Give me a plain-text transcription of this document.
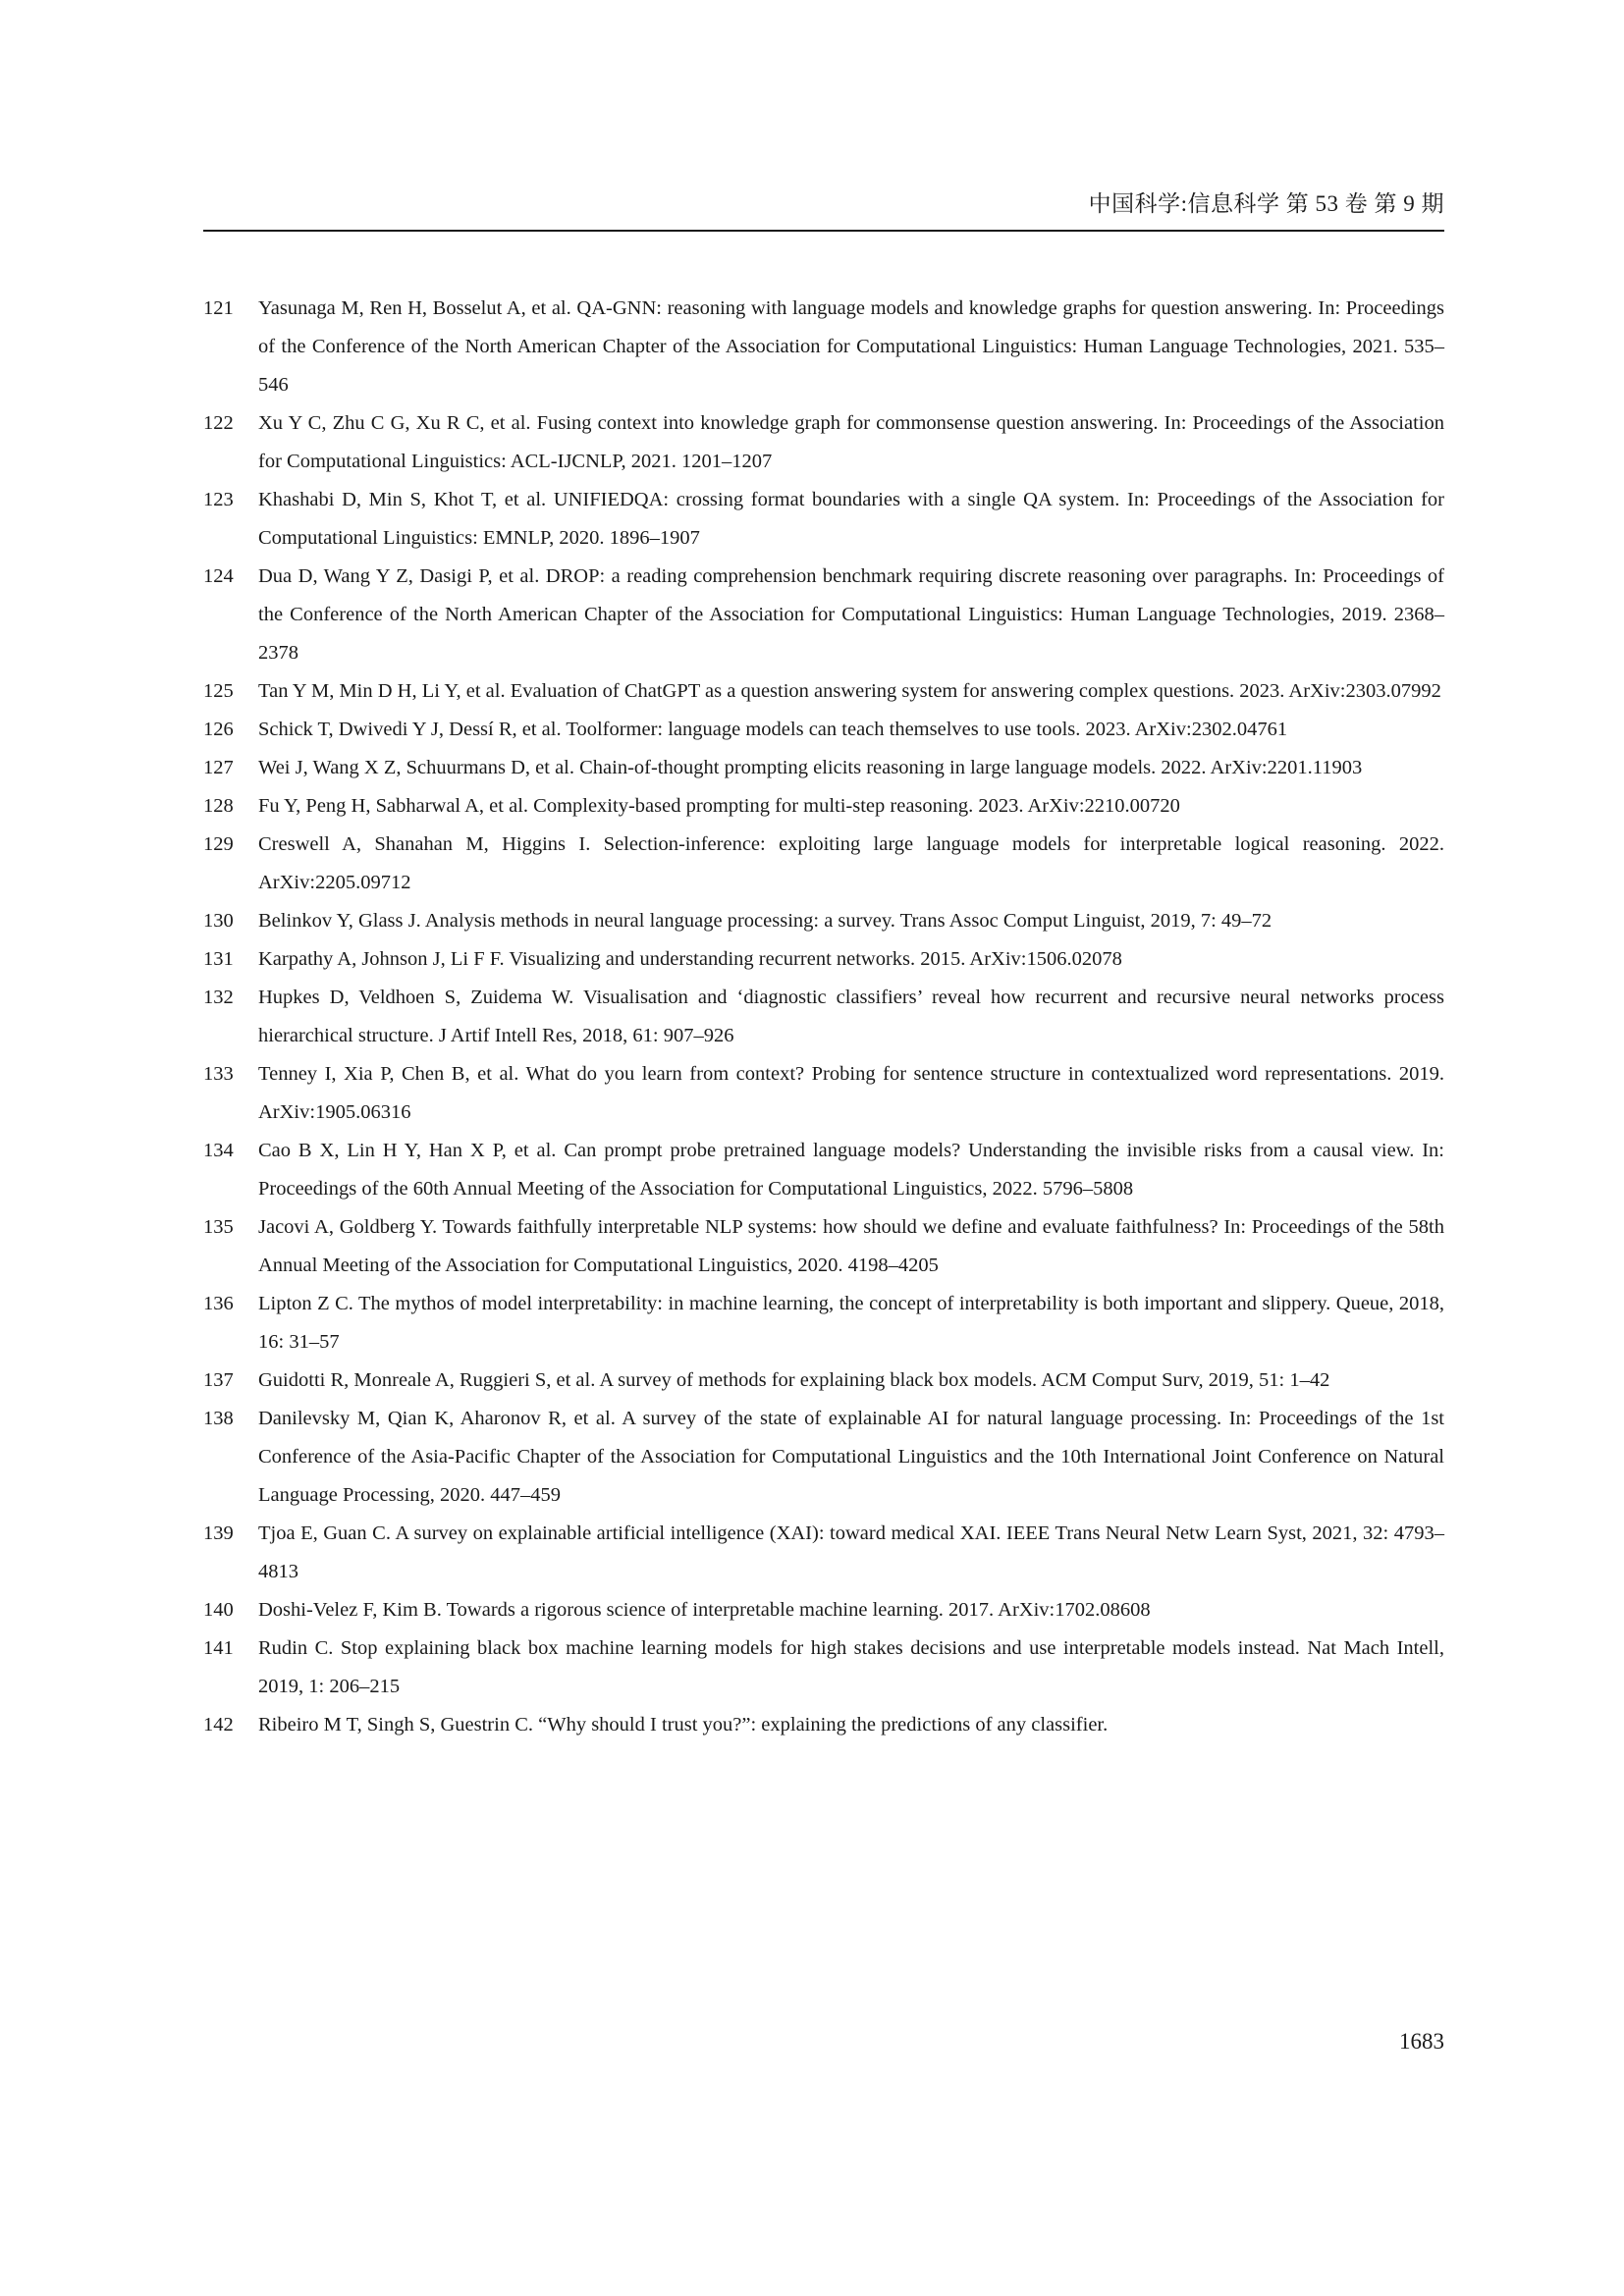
中国科学:信息科学 第 53 卷 第 9 期
121	Yasunaga M, Ren H, Bosselut A, et al. QA-GNN: reasoning with language models and knowledge graphs for question answering. In: Proceedings of the Conference of the North American Chapter of the Association for Computational Linguistics: Human Language Technologies, 2021. 535–546
122	Xu Y C, Zhu C G, Xu R C, et al. Fusing context into knowledge graph for commonsense question answering. In: Proceedings of the Association for Computational Linguistics: ACL-IJCNLP, 2021. 1201–1207
123	Khashabi D, Min S, Khot T, et al. UNIFIEDQA: crossing format boundaries with a single QA system. In: Proceedings of the Association for Computational Linguistics: EMNLP, 2020. 1896–1907
124	Dua D, Wang Y Z, Dasigi P, et al. DROP: a reading comprehension benchmark requiring discrete reasoning over paragraphs. In: Proceedings of the Conference of the North American Chapter of the Association for Computational Linguistics: Human Language Technologies, 2019. 2368–2378
125	Tan Y M, Min D H, Li Y, et al. Evaluation of ChatGPT as a question answering system for answering complex questions. 2023. ArXiv:2303.07992
126	Schick T, Dwivedi Y J, Dessí R, et al. Toolformer: language models can teach themselves to use tools. 2023. ArXiv:2302.04761
127	Wei J, Wang X Z, Schuurmans D, et al. Chain-of-thought prompting elicits reasoning in large language models. 2022. ArXiv:2201.11903
128	Fu Y, Peng H, Sabharwal A, et al. Complexity-based prompting for multi-step reasoning. 2023. ArXiv:2210.00720
129	Creswell A, Shanahan M, Higgins I. Selection-inference: exploiting large language models for interpretable logical reasoning. 2022. ArXiv:2205.09712
130	Belinkov Y, Glass J. Analysis methods in neural language processing: a survey. Trans Assoc Comput Linguist, 2019, 7: 49–72
131	Karpathy A, Johnson J, Li F F. Visualizing and understanding recurrent networks. 2015. ArXiv:1506.02078
132	Hupkes D, Veldhoen S, Zuidema W. Visualisation and ‘diagnostic classifiers’ reveal how recurrent and recursive neural networks process hierarchical structure. J Artif Intell Res, 2018, 61: 907–926
133	Tenney I, Xia P, Chen B, et al. What do you learn from context? Probing for sentence structure in contextualized word representations. 2019. ArXiv:1905.06316
134	Cao B X, Lin H Y, Han X P, et al. Can prompt probe pretrained language models? Understanding the invisible risks from a causal view. In: Proceedings of the 60th Annual Meeting of the Association for Computational Linguistics, 2022. 5796–5808
135	Jacovi A, Goldberg Y. Towards faithfully interpretable NLP systems: how should we define and evaluate faithfulness? In: Proceedings of the 58th Annual Meeting of the Association for Computational Linguistics, 2020. 4198–4205
136	Lipton Z C. The mythos of model interpretability: in machine learning, the concept of interpretability is both important and slippery. Queue, 2018, 16: 31–57
137	Guidotti R, Monreale A, Ruggieri S, et al. A survey of methods for explaining black box models. ACM Comput Surv, 2019, 51: 1–42
138	Danilevsky M, Qian K, Aharonov R, et al. A survey of the state of explainable AI for natural language processing. In: Proceedings of the 1st Conference of the Asia-Pacific Chapter of the Association for Computational Linguistics and the 10th International Joint Conference on Natural Language Processing, 2020. 447–459
139	Tjoa E, Guan C. A survey on explainable artificial intelligence (XAI): toward medical XAI. IEEE Trans Neural Netw Learn Syst, 2021, 32: 4793–4813
140	Doshi-Velez F, Kim B. Towards a rigorous science of interpretable machine learning. 2017. ArXiv:1702.08608
141	Rudin C. Stop explaining black box machine learning models for high stakes decisions and use interpretable models instead. Nat Mach Intell, 2019, 1: 206–215
142	Ribeiro M T, Singh S, Guestrin C. “Why should I trust you?”: explaining the predictions of any classifier.
1683
